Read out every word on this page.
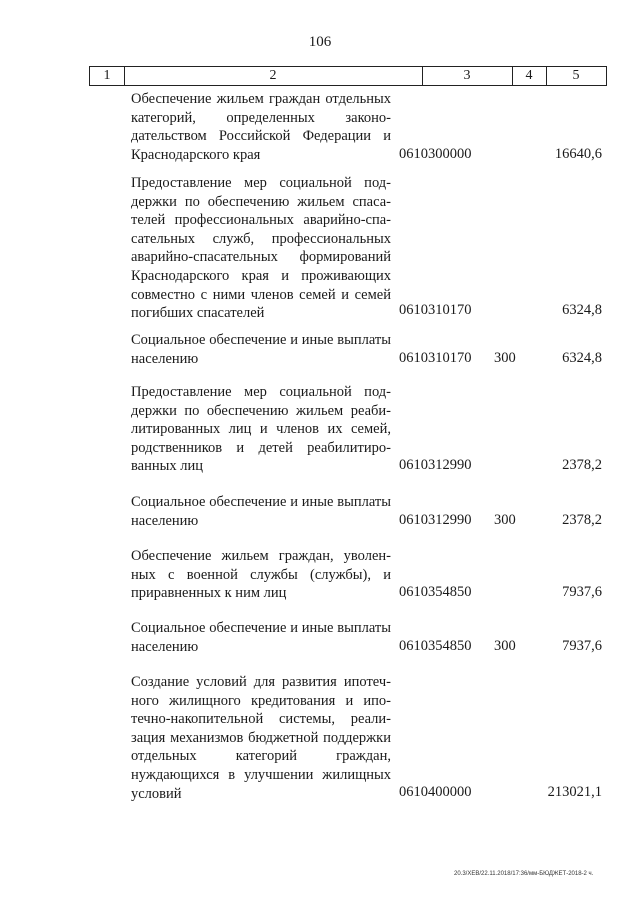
106
1	2	3	4	5
Обеспечение жильем граждан отдельных категорий, определенных законодательством Российской Федерации и Краснодарского края	0610300000	16640,6
Предоставление мер социальной поддержки по обеспечению жильем спасателей профессиональных аварийно-спасательных служб, профессиональных аварийно-спасательных формирований Краснодарского края и проживающих совместно с ними членов семей и семей погибших спасателей	0610310170	6324,8
Социальное обеспечение и иные выплаты населению	0610310170 300	6324,8
Предоставление мер социальной поддержки по обеспечению жильем реабилитированных лиц и членов их семей, родственников и детей реабилитированных лиц	0610312990	2378,2
Социальное обеспечение и иные выплаты населению	0610312990 300	2378,2
Обеспечение жильем граждан, уволенных с военной службы (службы), и приравненных к ним лиц	0610354850	7937,6
Социальное обеспечение и иные выплаты населению	0610354850 300	7937,6
Создание условий для развития ипотечного жилищного кредитования и ипотечно-накопительной системы, реализация механизмов бюджетной поддержки отдельных категорий граждан, нуждающихся в улучшении жилищных условий	0610400000	213021,1
20.3/ХЕВ/22.11.2018/17:36/мм-БЮДЖЕТ-2018-2 ч.
